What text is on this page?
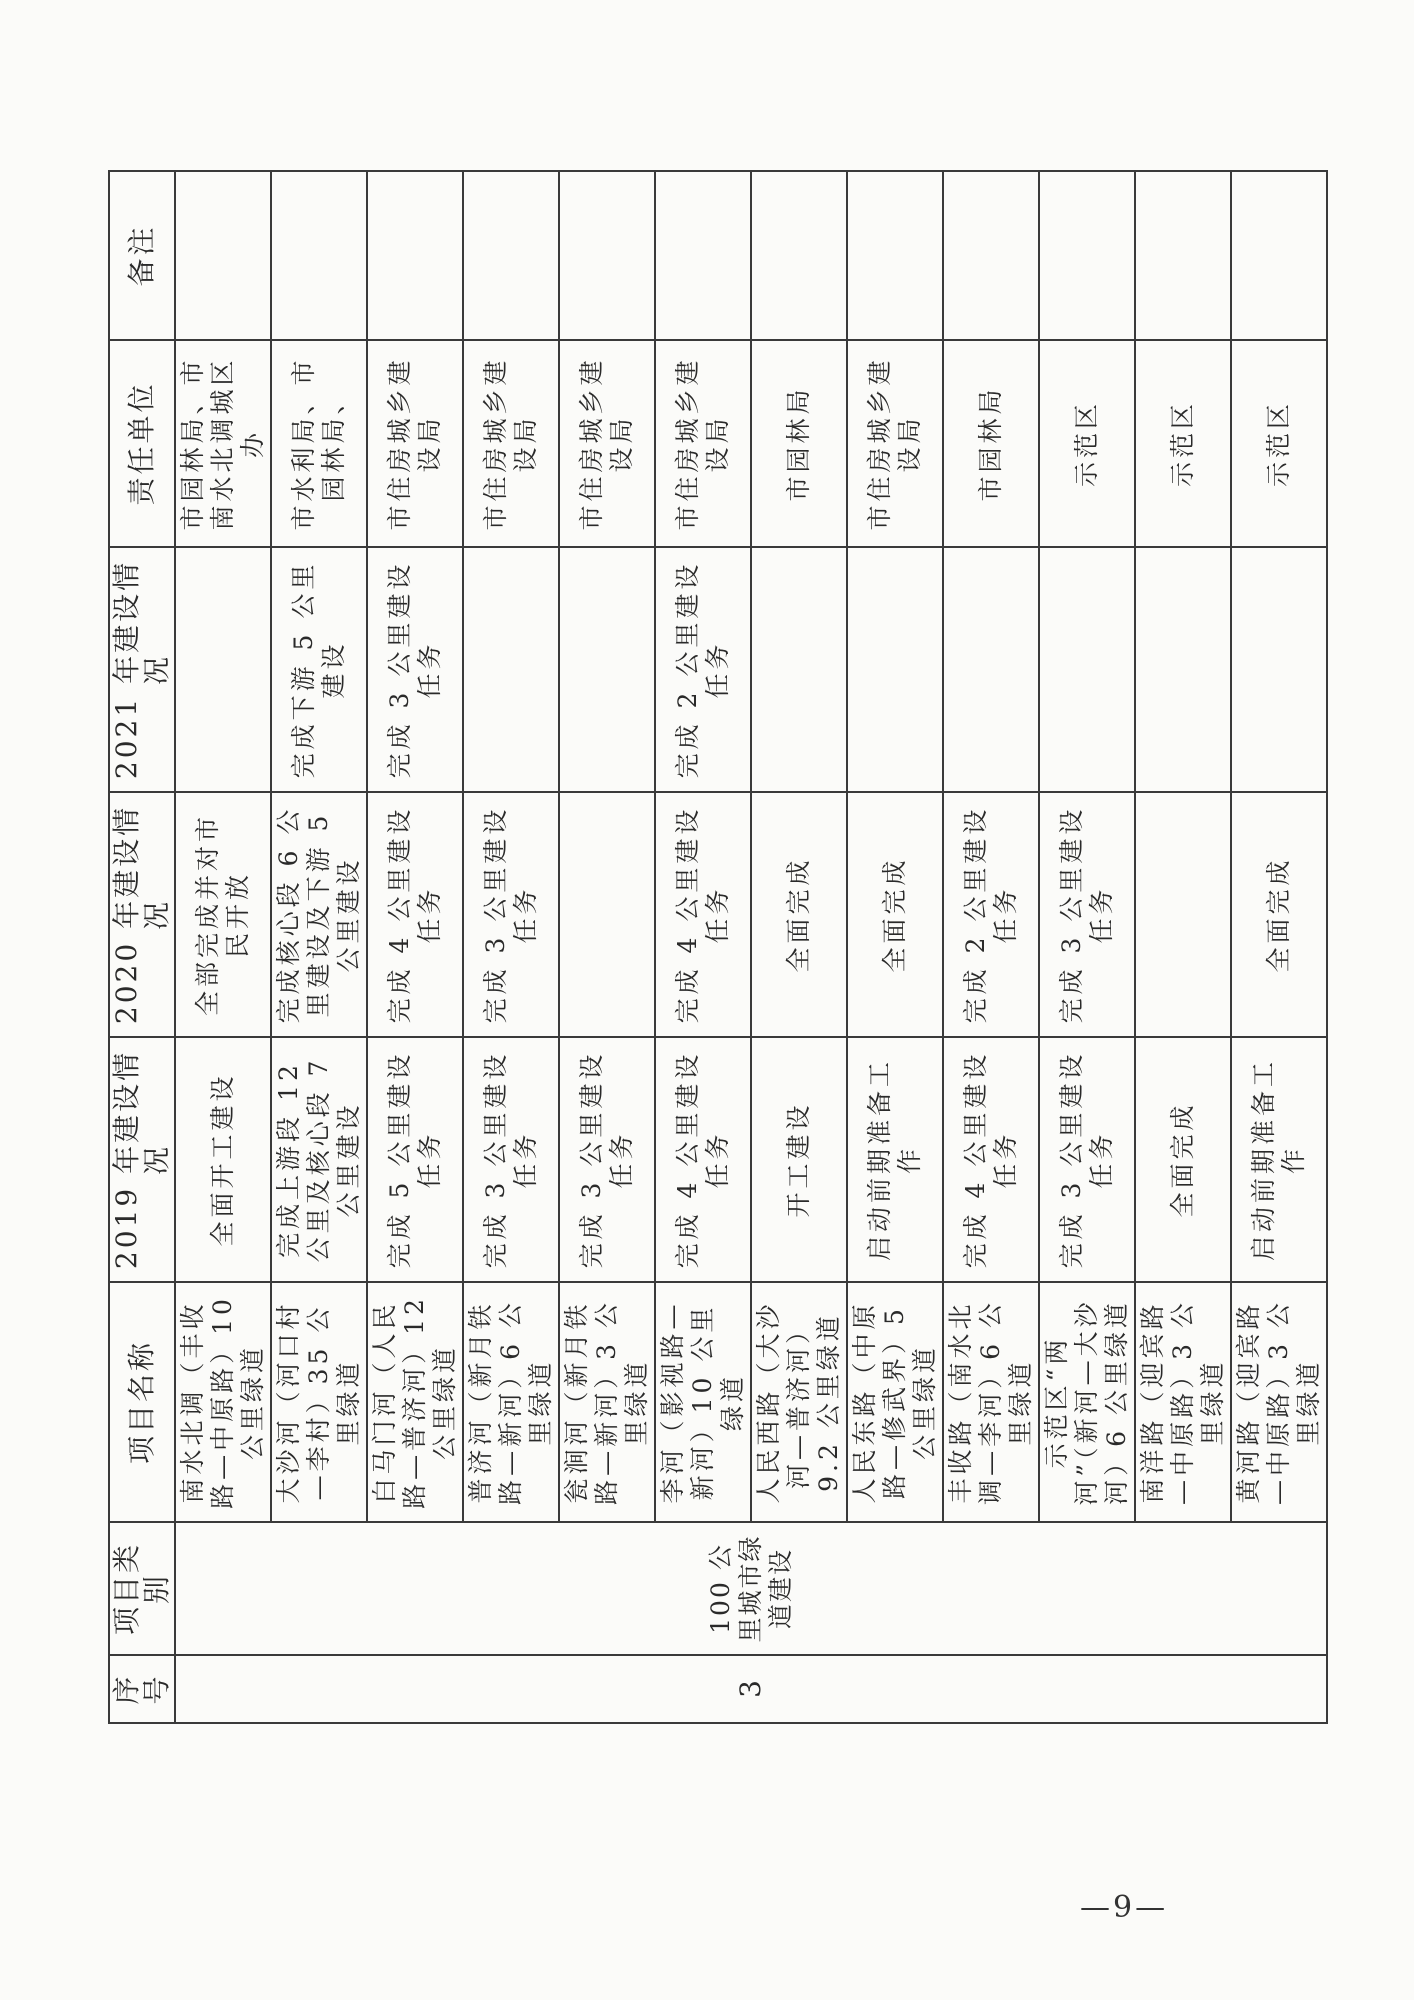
序号	项目类别	项目名称	2019 年建设情况	2020 年建设情况	2021 年建设情况	责任单位	备注
3	100 公里城市绿道建设	南水北调（丰收路—中原路）10 公里绿道	全面开工建设	全部完成并对市民开放		市园林局、市南水北调城区办	
		大沙河（河口村—李村）35 公里绿道	完成上游段 12 公里及核心段 7 公里建设	完成核心段 6 公里建设及下游 5 公里建设	完成下游 5 公里建设	市水利局、市园林局、	
		白马门河（人民路—普济河）12 公里绿道	完成 5 公里建设任务	完成 4 公里建设任务	完成 3 公里建设任务	市住房城乡建设局	
		普济河（新月铁路—新河）6 公里绿道	完成 3 公里建设任务	完成 3 公里建设任务		市住房城乡建设局	
		瓮涧河（新月铁路—新河）3 公里绿道	完成 3 公里建设任务			市住房城乡建设局	
		李河（影视路—新河）10 公里绿道	完成 4 公里建设任务	完成 4 公里建设任务	完成 2 公里建设任务	市住房城乡建设局	
		人民西路（大沙河—普济河）9.2 公里绿道	开工建设	全面完成		市园林局	
		人民东路（中原路—修武界）5 公里绿道	启动前期准备工作	全面完成		市住房城乡建设局	
		丰收路（南水北调—李河）6 公里绿道	完成 4 公里建设任务	完成 2 公里建设任务		市园林局	
		示范区“两河”（新河—大沙河）6 公里绿道	完成 3 公里建设任务	完成 3 公里建设任务		示范区	
		南洋路（迎宾路—中原路）3 公里绿道	全面完成			示范区	
		黄河路（迎宾路—中原路）3 公里绿道	启动前期准备工作	全面完成		示范区	
—9—
